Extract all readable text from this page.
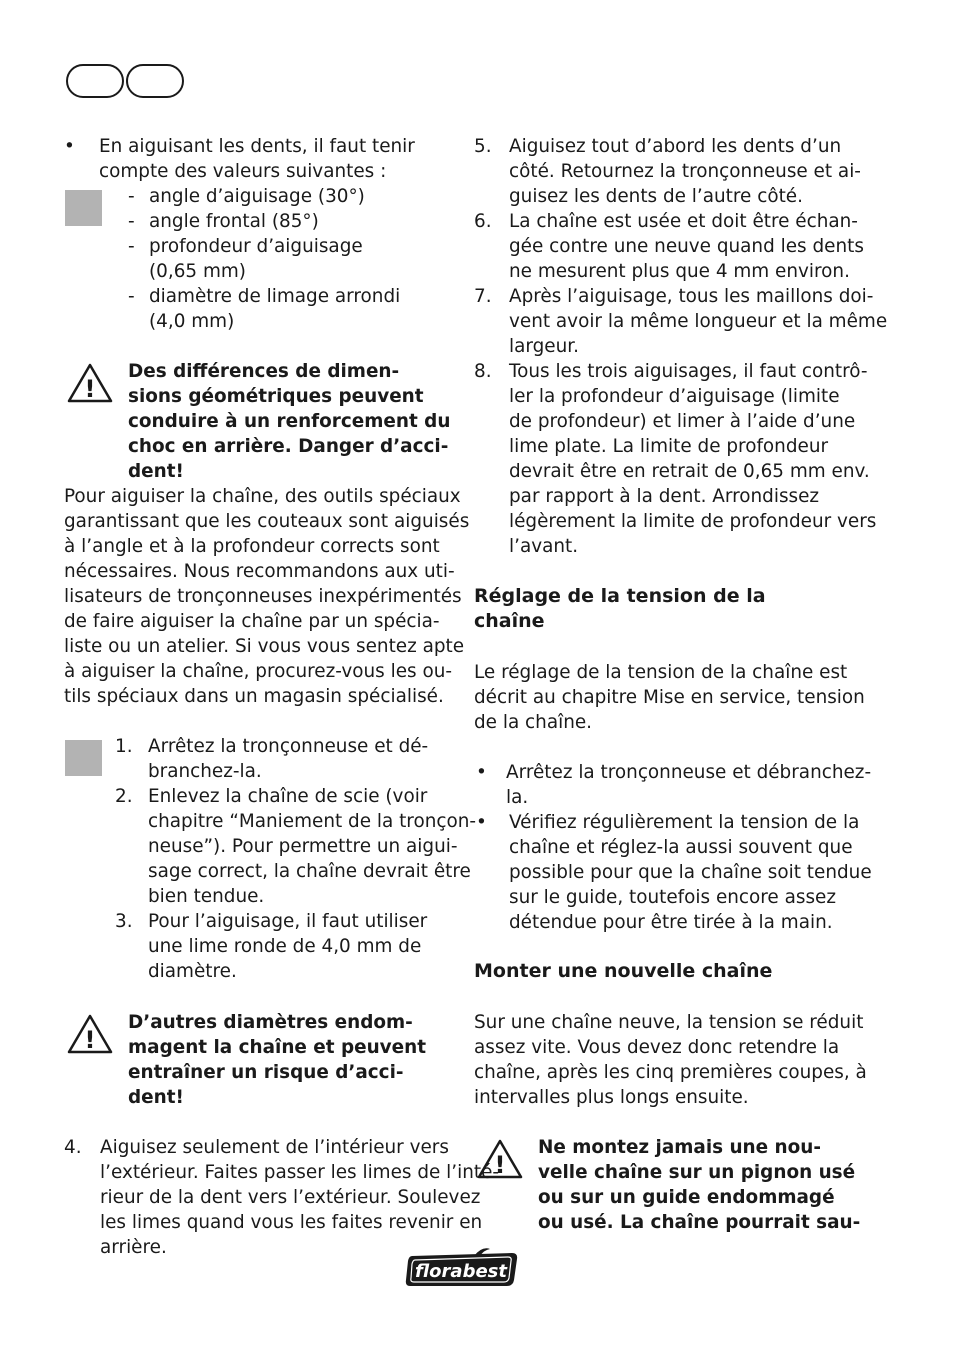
• En aiguisant les dents, il faut tenir
compte des valeurs suivantes :
- angle d’aiguisage (30°)
- angle frontal (85°)
- profondeur d’aiguisage
(0,65 mm)
- diamètre de limage arrondi
(4,0 mm)
!
Des différences de dimen-
sions géométriques peuvent
conduire à un renforcement du
choc en arrière. Danger d’acci-
dent!
Pour aiguiser la chaîne, des outils spéciaux
garantissant que les couteaux sont aiguisés
à l’angle et à la profondeur corrects sont
nécessaires. Nous recommandons aux uti-
lisateurs de tronçonneuses inexpérimentés
de faire aiguiser la chaîne par un spécia-
liste ou un atelier. Si vous vous sentez apte
à aiguiser la chaîne, procurez-vous les ou-
tils spéciaux dans un magasin spécialisé.
1. Arrêtez la tronçonneuse et dé-
branchez-la.
2. Enlevez la chaîne de scie (voir
chapitre “Maniement de la tronçon-
neuse”). Pour permettre un aigui-
sage correct, la chaîne devrait être
bien tendue.
3. Pour l’aiguisage, il faut utiliser
une lime ronde de 4,0 mm de
diamètre.
!
D’autres diamètres endom-
magent la chaîne et peuvent
entraîner un risque d’acci-
dent!
4. Aiguisez seulement de l’intérieur vers
l’extérieur. Faites passer les limes de l’inté-
rieur de la dent vers l’extérieur. Soulevez
les limes quand vous les faites revenir en
arrière.
5. Aiguisez tout d’abord les dents d’un
côté. Retournez la tronçonneuse et ai-
guisez les dents de l’autre côté.
6. La chaîne est usée et doit être échan-
gée contre une neuve quand les dents
ne mesurent plus que 4 mm environ.
7. Après l’aiguisage, tous les maillons doi-
vent avoir la même longueur et la même
largeur.
8. Tous les trois aiguisages, il faut contrô-
ler la profondeur d’aiguisage (limite
de profondeur) et limer à l’aide d’une
lime plate. La limite de profondeur
devrait être en retrait de 0,65 mm env.
par rapport à la dent. Arrondissez
légèrement la limite de profondeur vers
l’avant.
Réglage de la tension de la
chaîne
Le réglage de la tension de la chaîne est
décrit au chapitre Mise en service, tension
de la chaîne.
• Arrêtez la tronçonneuse et débranchez-
la.
• Vérifiez régulièrement la tension de la
chaîne et réglez-la aussi souvent que
possible pour que la chaîne soit tendue
sur le guide, toutefois encore assez
détendue pour être tirée à la main.
Monter une nouvelle chaîne
Sur une chaîne neuve, la tension se réduit
assez vite. Vous devez donc retendre la
chaîne, après les cinq premières coupes, à
intervalles plus longs ensuite.
!
Ne montez jamais une nou-
velle chaîne sur un pignon usé
ou sur un guide endommagé
ou usé. La chaîne pourrait sau-
florabest
